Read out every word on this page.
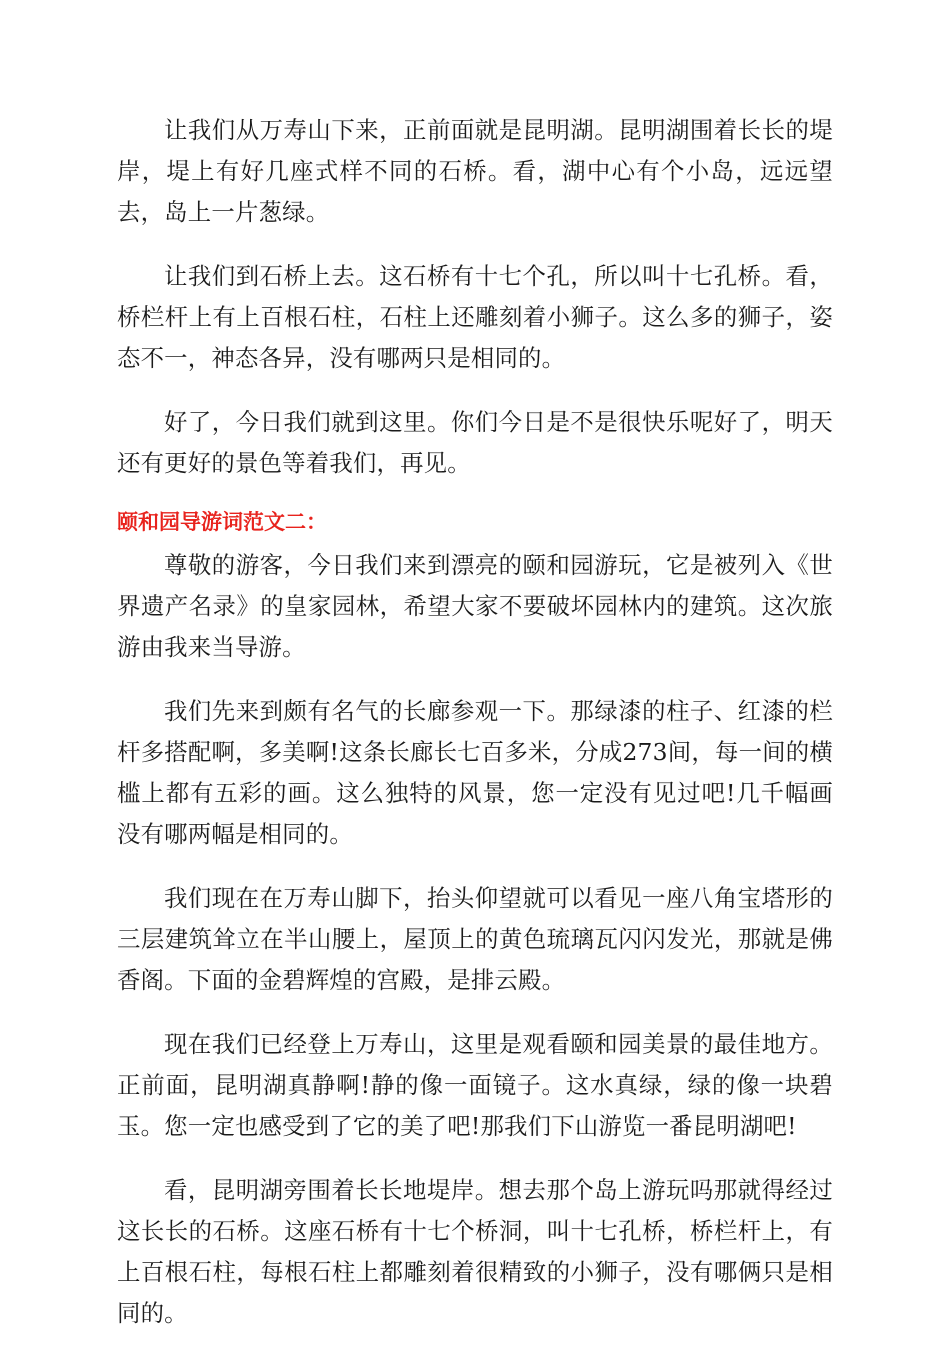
让我们从万寿山下来，正前面就是昆明湖。昆明湖围着长长的堤岸，堤上有好几座式样不同的石桥。看，湖中心有个小岛，远远望去，岛上一片葱绿。

让我们到石桥上去。这石桥有十七个孔，所以叫十七孔桥。看，桥栏杆上有上百根石柱，石柱上还雕刻着小狮子。这么多的狮子，姿态不一，神态各异，没有哪两只是相同的。

好了，今日我们就到这里。你们今日是不是很快乐呢好了，明天还有更好的景色等着我们，再见。

颐和园导游词范文二：

尊敬的游客，今日我们来到漂亮的颐和园游玩，它是被列入《世界遗产名录》的皇家园林，希望大家不要破坏园林内的建筑。这次旅游由我来当导游。

我们先来到颇有名气的长廊参观一下。那绿漆的柱子、红漆的栏杆多搭配啊，多美啊!这条长廊长七百多米，分成273间，每一间的横槛上都有五彩的画。这么独特的风景，您一定没有见过吧!几千幅画没有哪两幅是相同的。

我们现在在万寿山脚下，抬头仰望就可以看见一座八角宝塔形的三层建筑耸立在半山腰上，屋顶上的黄色琉璃瓦闪闪发光，那就是佛香阁。下面的金碧辉煌的宫殿，是排云殿。

现在我们已经登上万寿山，这里是观看颐和园美景的最佳地方。正前面，昆明湖真静啊!静的像一面镜子。这水真绿，绿的像一块碧玉。您一定也感受到了它的美了吧!那我们下山游览一番昆明湖吧!

看，昆明湖旁围着长长地堤岸。想去那个岛上游玩吗那就得经过这长长的石桥。这座石桥有十七个桥洞，叫十七孔桥，桥栏杆上，有上百根石柱，每根石柱上都雕刻着很精致的小狮子，没有哪俩只是相同的。
